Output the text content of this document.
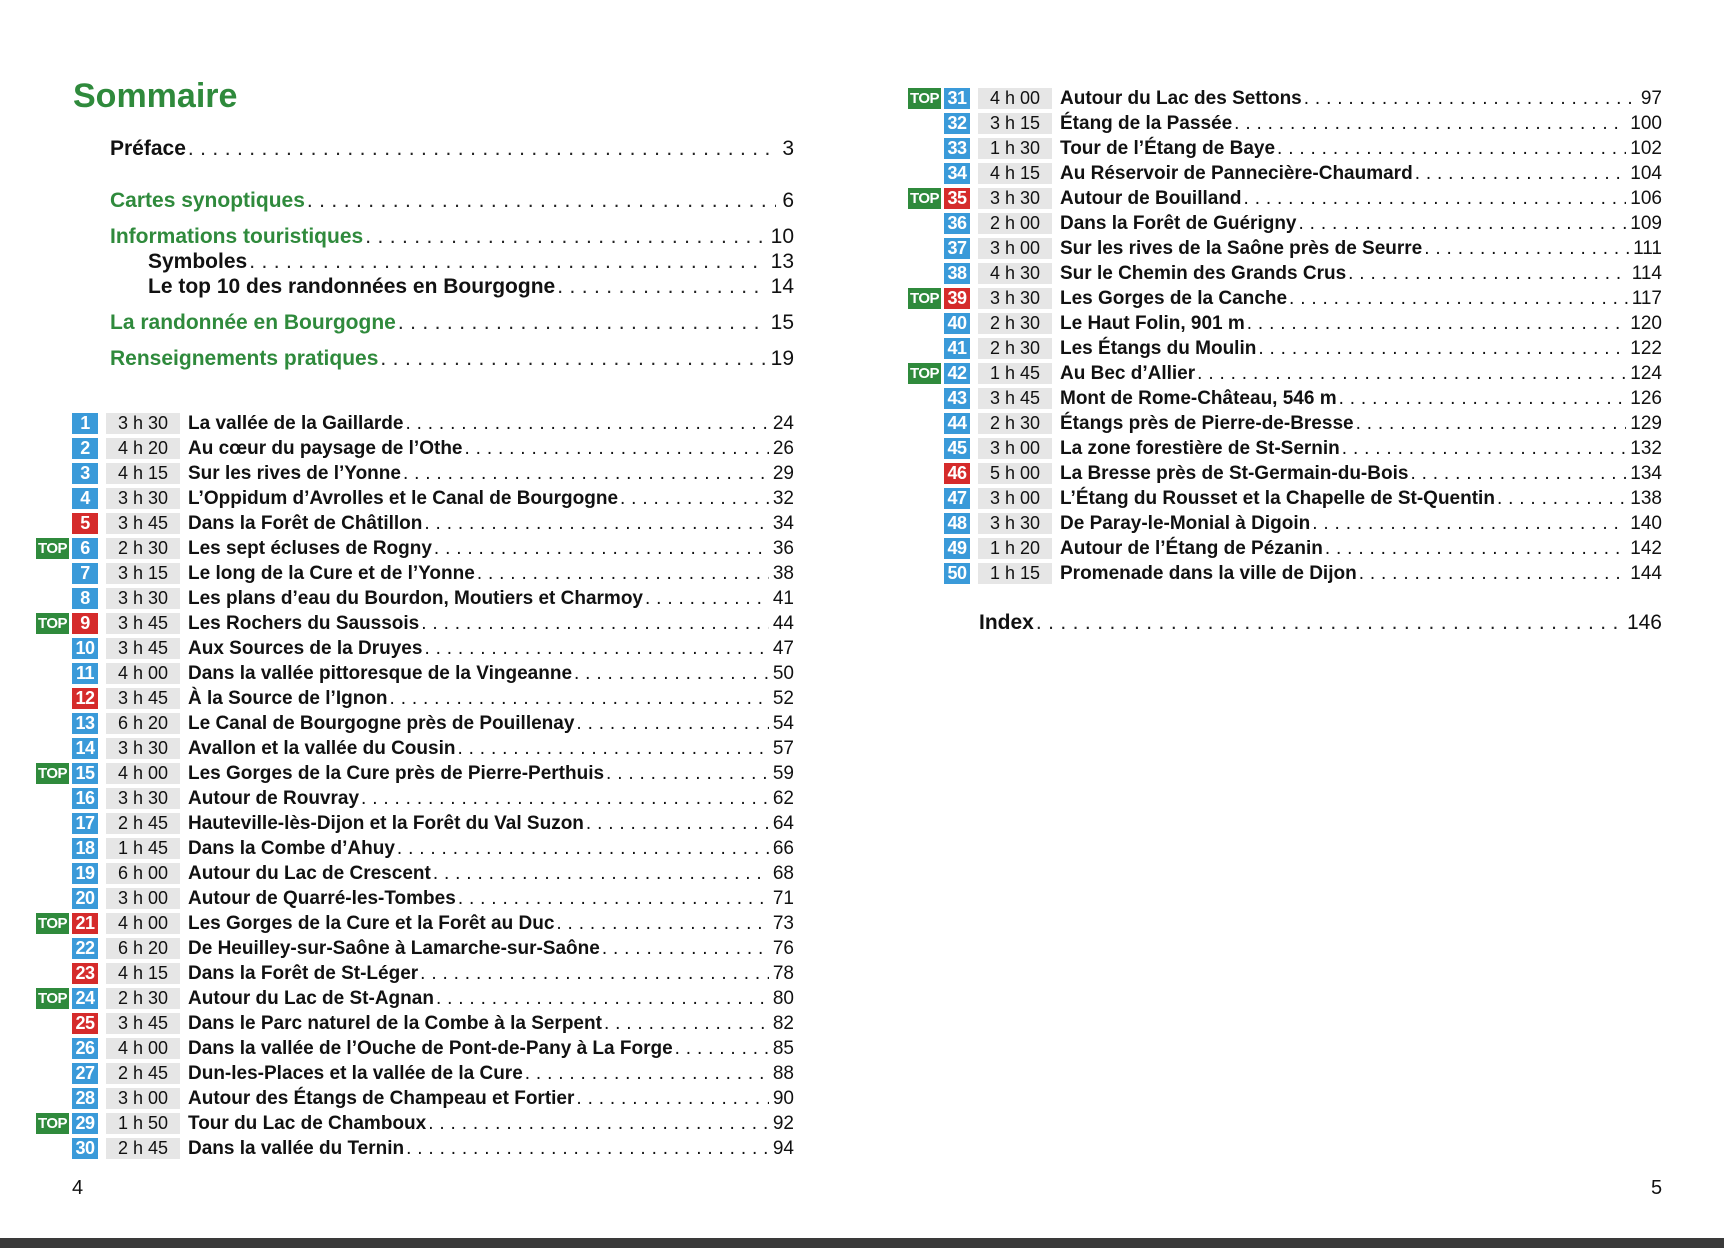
Sommaire
Préface . . .	3
Cartes synoptiques . . .	6
Informations touristiques . . .	10
Symboles . . .	13
Le top 10 des randonnées en Bourgogne . . .	14
La randonnée en Bourgogne . . .	15
Renseignements pratiques . . .	19
1	3 h 30	La vallée de la Gaillarde . . .	24
2	4 h 20	Au cœur du paysage de l’Othe . . .	26
3	4 h 15	Sur les rives de l’Yonne . . .	29
4	3 h 30	L’Oppidum d’Avrolles et le Canal de Bourgogne . . .	32
5	3 h 45	Dans la Forêt de Châtillon . . .	34
TOP 6	2 h 30	Les sept écluses de Rogny . . .	36
7	3 h 15	Le long de la Cure et de l’Yonne . . .	38
8	3 h 30	Les plans d’eau du Bourdon, Moutiers et Charmoy . . .	41
TOP 9	3 h 45	Les Rochers du Saussois . . .	44
10	3 h 45	Aux Sources de la Druyes . . .	47
11	4 h 00	Dans la vallée pittoresque de la Vingeanne . . .	50
12	3 h 45	À la Source de l’Ignon . . .	52
13	6 h 20	Le Canal de Bourgogne près de Pouillenay . . .	54
14	3 h 30	Avallon et la vallée du Cousin . . .	57
TOP 15	4 h 00	Les Gorges de la Cure près de Pierre-Perthuis . . .	59
16	3 h 30	Autour de Rouvray . . .	62
17	2 h 45	Hauteville-lès-Dijon et la Forêt du Val Suzon . . .	64
18	1 h 45	Dans la Combe d’Ahuy . . .	66
19	6 h 00	Autour du Lac de Crescent . . .	68
20	3 h 00	Autour de Quarré-les-Tombes . . .	71
TOP 21	4 h 00	Les Gorges de la Cure et la Forêt au Duc . . .	73
22	6 h 20	De Heuilley-sur-Saône à Lamarche-sur-Saône . . .	76
23	4 h 15	Dans la Forêt de St-Léger . . .	78
TOP 24	2 h 30	Autour du Lac de St-Agnan . . .	80
25	3 h 45	Dans le Parc naturel de la Combe à la Serpent . . .	82
26	4 h 00	Dans la vallée de l’Ouche de Pont-de-Pany à La Forge . . .	85
27	2 h 45	Dun-les-Places et la vallée de la Cure . . .	88
28	3 h 00	Autour des Étangs de Champeau et Fortier . . .	90
TOP 29	1 h 50	Tour du Lac de Chamboux . . .	92
30	2 h 45	Dans la vallée du Ternin . . .	94
4
TOP 31	4 h 00	Autour du Lac des Settons . . .	97
32	3 h 15	Étang de la Passée . . .	100
33	1 h 30	Tour de l’Étang de Baye . . .	102
34	4 h 15	Au Réservoir de Pannecière-Chaumard . . .	104
TOP 35	3 h 30	Autour de Bouilland . . .	106
36	2 h 00	Dans la Forêt de Guérigny . . .	109
37	3 h 00	Sur les rives de la Saône près de Seurre . . .	111
38	4 h 30	Sur le Chemin des Grands Crus . . .	114
TOP 39	3 h 30	Les Gorges de la Canche . . .	117
40	2 h 30	Le Haut Folin, 901 m . . .	120
41	2 h 30	Les Étangs du Moulin . . .	122
TOP 42	1 h 45	Au Bec d’Allier . . .	124
43	3 h 45	Mont de Rome-Château, 546 m . . .	126
44	2 h 30	Étangs près de Pierre-de-Bresse . . .	129
45	3 h 00	La zone forestière de St-Sernin . . .	132
46	5 h 00	La Bresse près de St-Germain-du-Bois . . .	134
47	3 h 00	L’Étang du Rousset et la Chapelle de St-Quentin . . .	138
48	3 h 30	De Paray-le-Monial à Digoin . . .	140
49	1 h 20	Autour de l’Étang de Pézanin . . .	142
50	1 h 15	Promenade dans la ville de Dijon . . .	144
Index . . .	146
5
